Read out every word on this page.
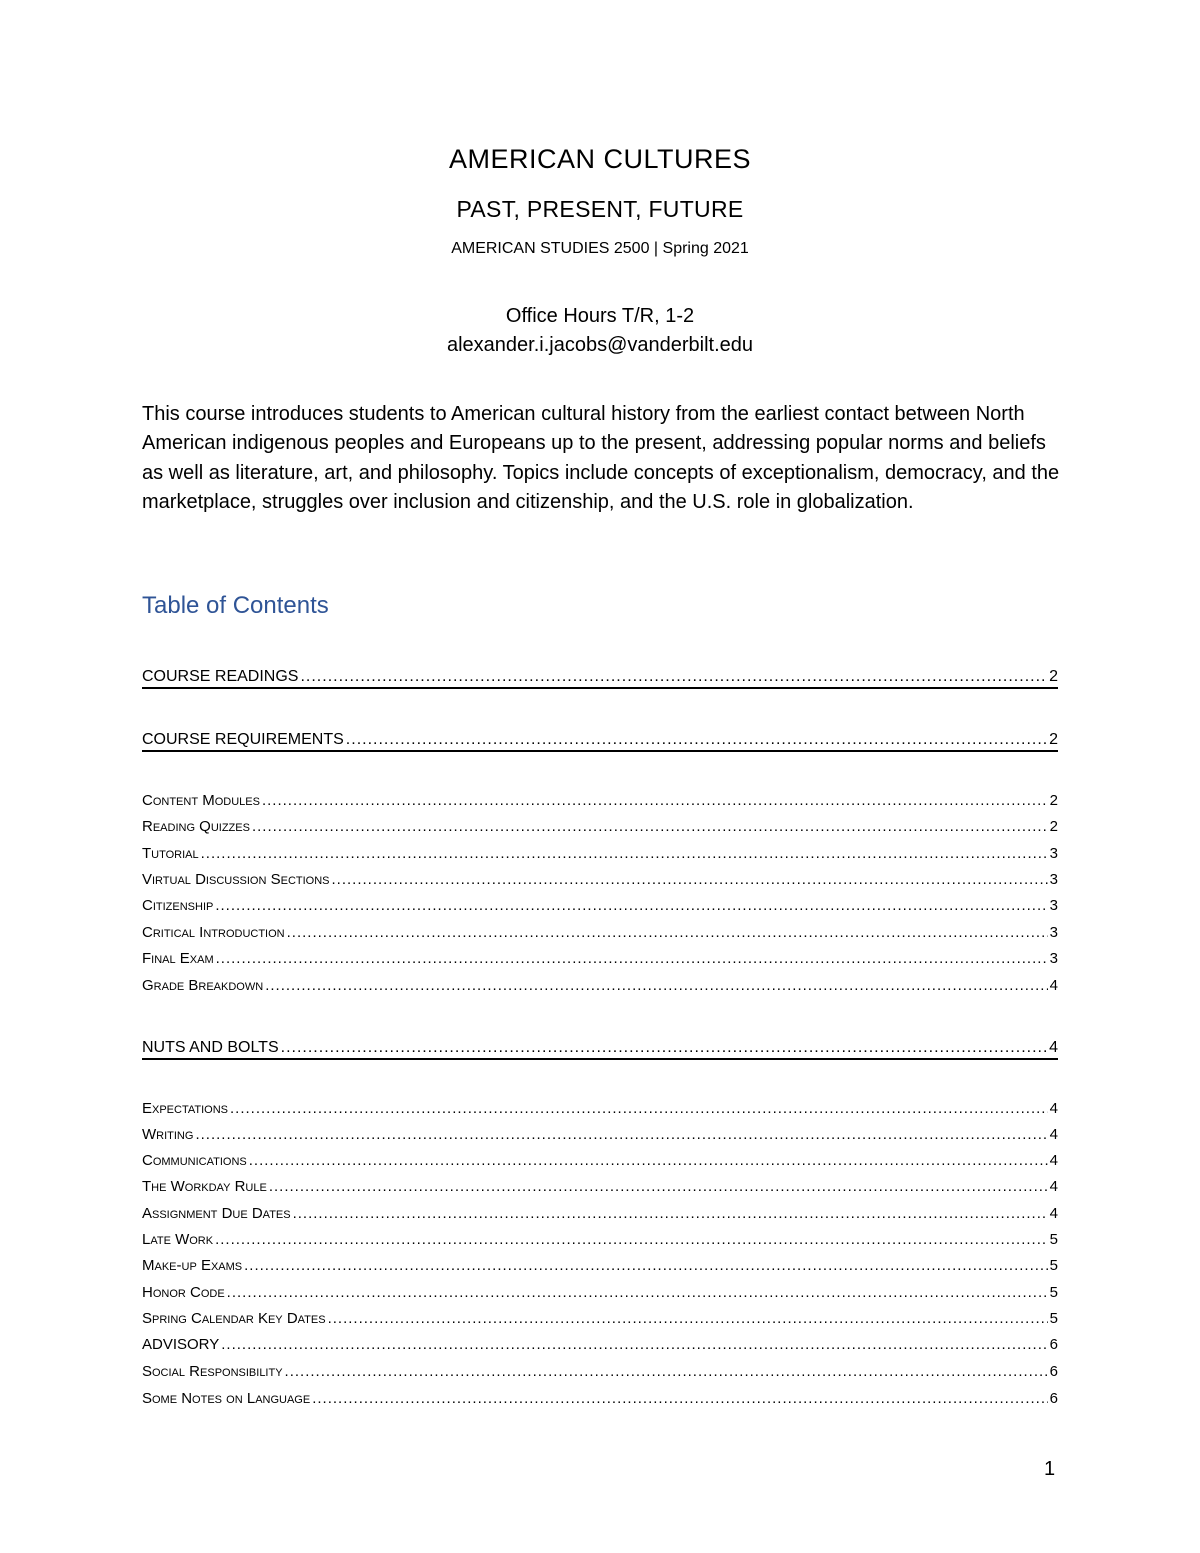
AMERICAN CULTURES
PAST, PRESENT, FUTURE
AMERICAN STUDIES 2500 | Spring 2021
Office Hours T/R, 1-2
alexander.i.jacobs@vanderbilt.edu
This course introduces students to American cultural history from the earliest contact between North American indigenous peoples and Europeans up to the present, addressing popular norms and beliefs as well as literature, art, and philosophy. Topics include concepts of exceptionalism, democracy, and the marketplace, struggles over inclusion and citizenship, and the U.S. role in globalization.
Table of Contents
COURSE READINGS .....	2
COURSE REQUIREMENTS .....	2
Content Modules .....	2
Reading Quizzes .....	2
Tutorial .....	3
Virtual Discussion Sections .....	3
Citizenship .....	3
Critical Introduction .....	3
Final Exam .....	3
Grade Breakdown .....	4
NUTS AND BOLTS .....	4
Expectations .....	4
Writing .....	4
Communications .....	4
The Workday Rule .....	4
Assignment Due Dates .....	4
Late Work .....	5
Make-up Exams .....	5
Honor Code .....	5
Spring Calendar Key Dates .....	5
ADVISORY .....	6
Social Responsibility .....	6
Some Notes on Language .....	6
1
